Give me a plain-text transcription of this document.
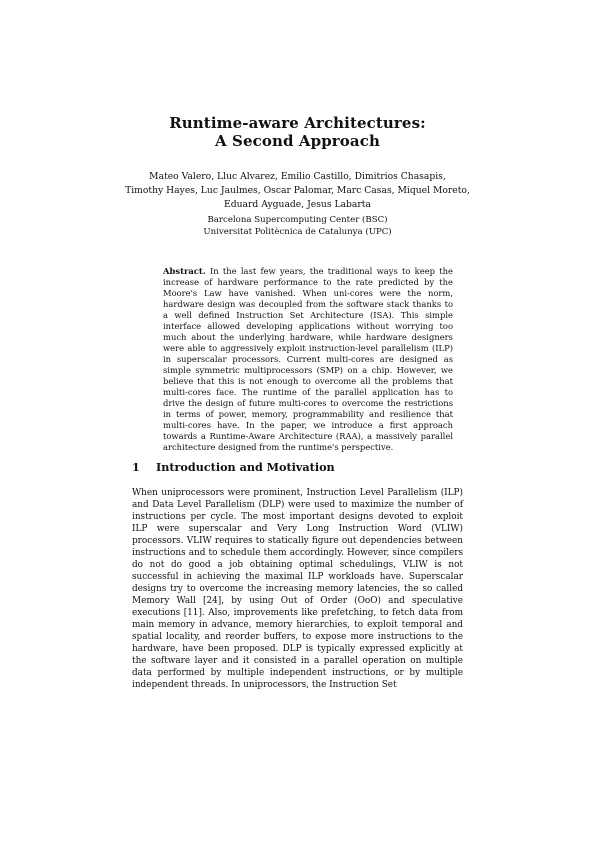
Runtime-aware Architectures:
A Second Approach
Mateo Valero, Lluc Alvarez, Emilio Castillo, Dimitrios Chasapis,
Timothy Hayes, Luc Jaulmes, Oscar Palomar, Marc Casas, Miquel Moreto,
Eduard Ayguade, Jesus Labarta
Barcelona Supercomputing Center (BSC)
Universitat Politècnica de Catalunya (UPC)
Abstract. In the last few years, the traditional ways to keep the increase of hardware performance to the rate predicted by the Moore's Law have vanished. When uni-cores were the norm, hardware design was decoupled from the software stack thanks to a well defined Instruction Set Architecture (ISA). This simple interface allowed developing applications without worrying too much about the underlying hardware, while hardware designers were able to aggressively exploit instruction-level parallelism (ILP) in superscalar processors. Current multi-cores are designed as simple symmetric multiprocessors (SMP) on a chip. However, we believe that this is not enough to overcome all the problems that multi-cores face. The runtime of the parallel application has to drive the design of future multi-cores to overcome the restrictions in terms of power, memory, programmability and resilience that multi-cores have. In the paper, we introduce a first approach towards a Runtime-Aware Architecture (RAA), a massively parallel architecture designed from the runtime's perspective.
1 Introduction and Motivation
When uniprocessors were prominent, Instruction Level Parallelism (ILP) and Data Level Parallelism (DLP) were used to maximize the number of instructions per cycle. The most important designs devoted to exploit ILP were superscalar and Very Long Instruction Word (VLIW) processors. VLIW requires to statically figure out dependencies between instructions and to schedule them accordingly. However, since compilers do not do good a job obtaining optimal schedulings, VLIW is not successful in achieving the maximal ILP workloads have. Superscalar designs try to overcome the increasing memory latencies, the so called Memory Wall [24], by using Out of Order (OoO) and speculative executions [11]. Also, improvements like prefetching, to fetch data from main memory in advance, memory hierarchies, to exploit temporal and spatial locality, and reorder buffers, to expose more instructions to the hardware, have been proposed. DLP is typically expressed explicitly at the software layer and it consisted in a parallel operation on multiple data performed by multiple independent instructions, or by multiple independent threads. In uniprocessors, the Instruction Set
